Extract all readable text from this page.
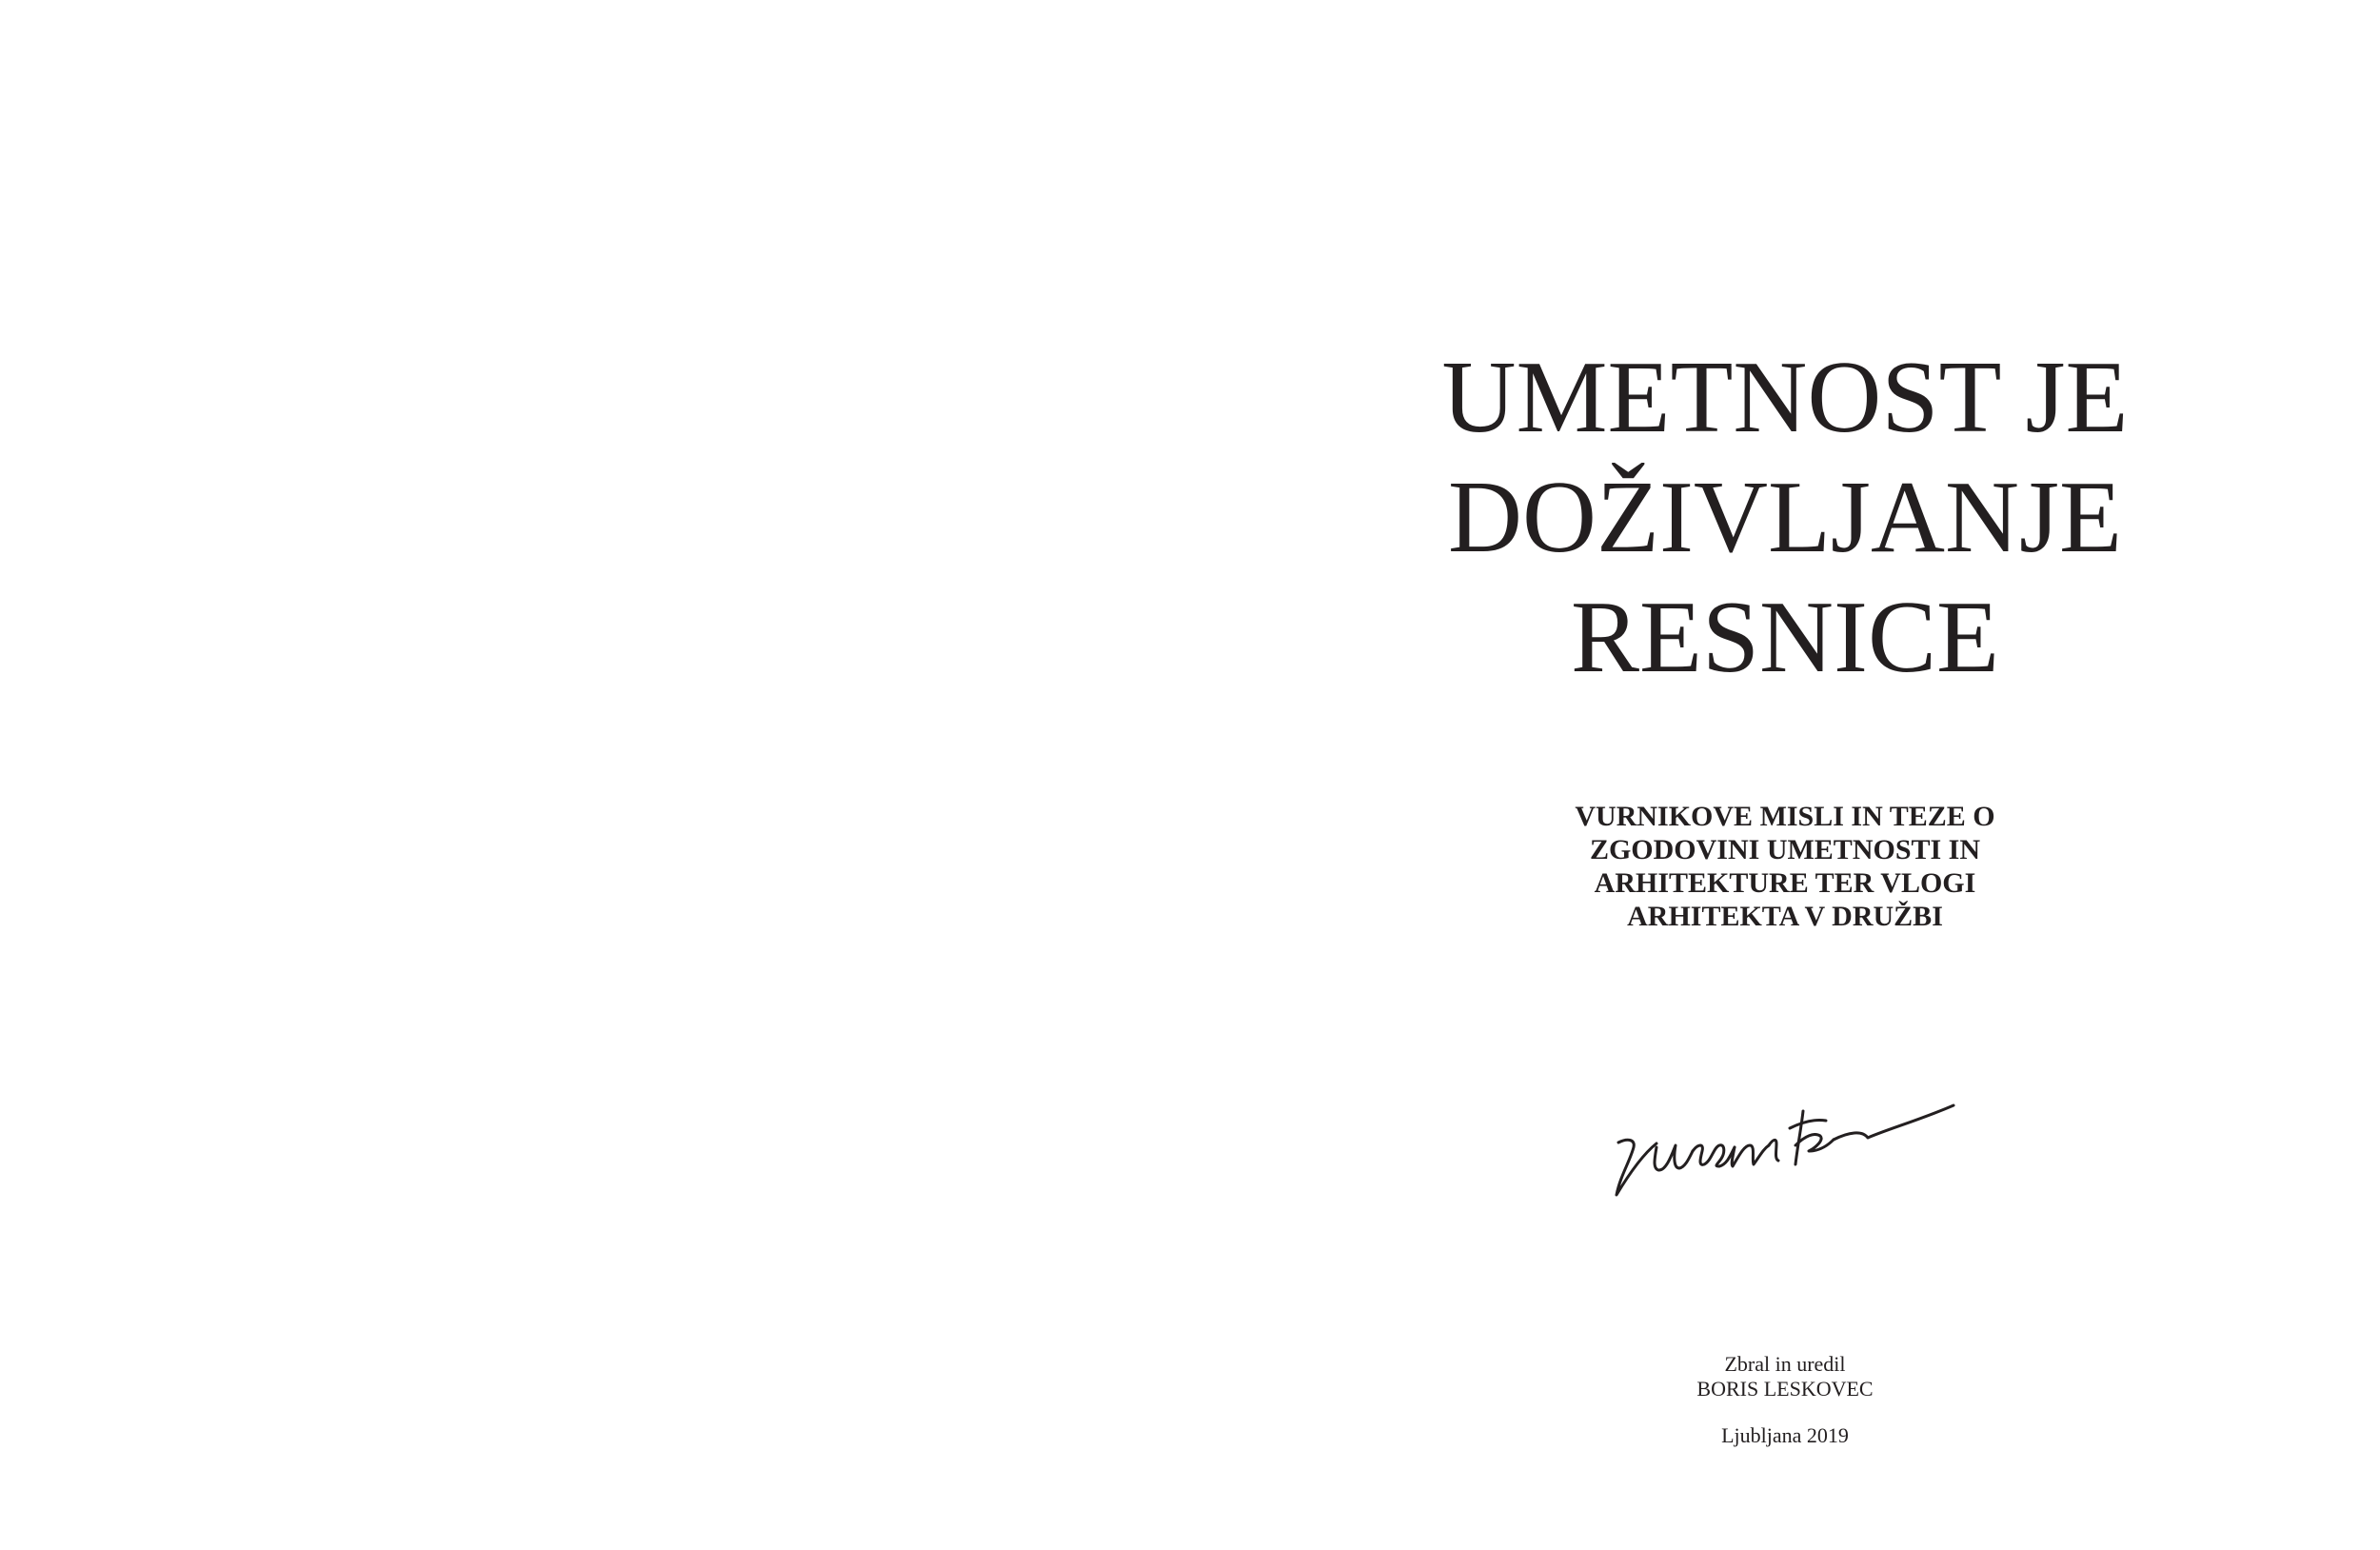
UMETNOST JE
DOŽIVLJANJE
RESNICE
VURNIKOVE MISLI IN TEZE O
ZGODOVINI UMETNOSTI IN
ARHITEKTURE TER VLOGI
ARHITEKTA V DRUŽBI
Zbral in uredil
BORIS LESKOVEC
Ljubljana 2019
